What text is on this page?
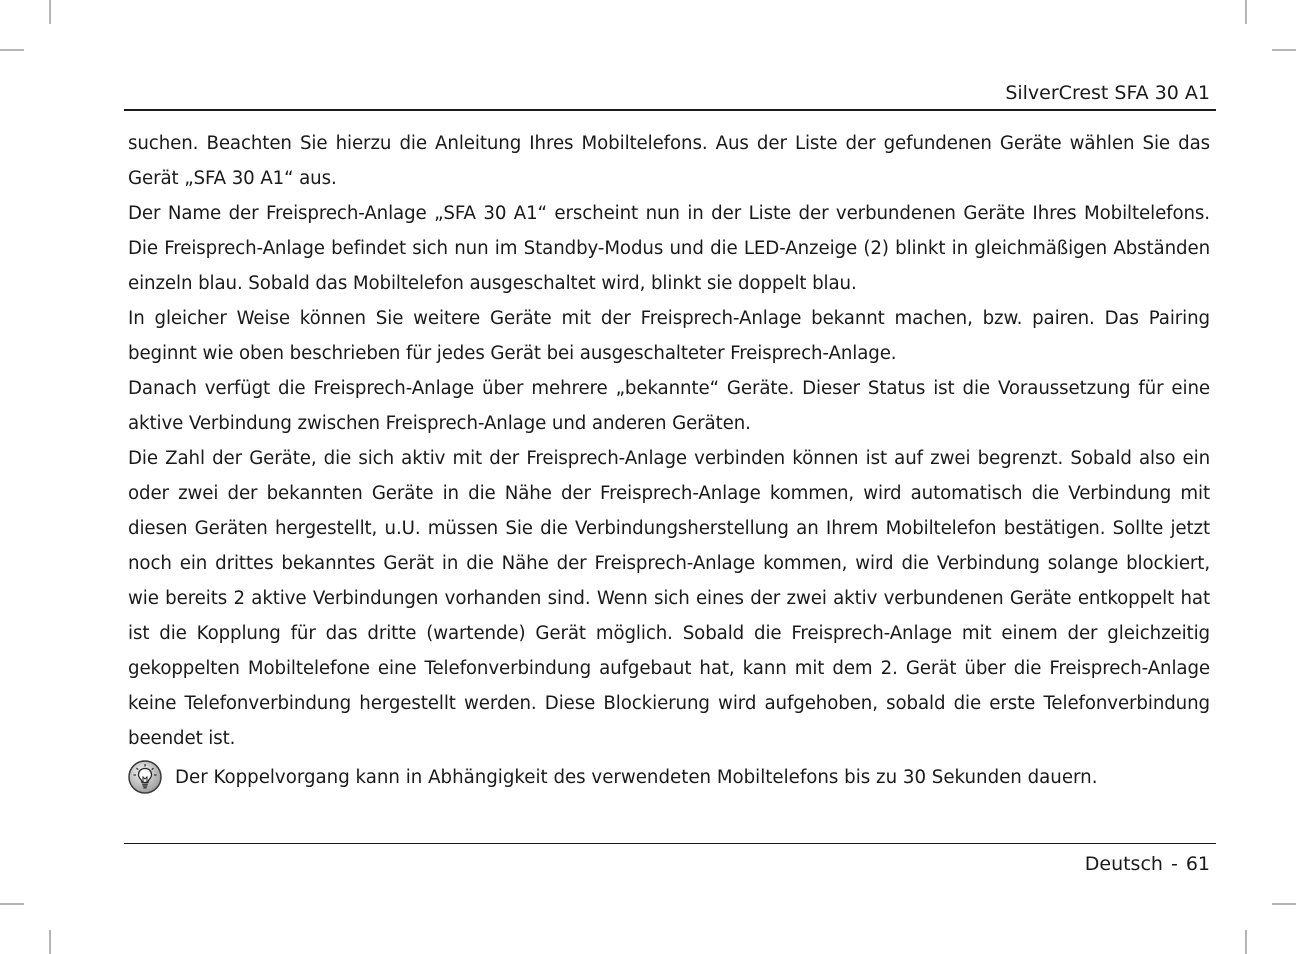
SilverCrest SFA 30 A1

suchen. Beachten Sie hierzu die Anleitung Ihres Mobiltelefons. Aus der Liste der gefundenen Geräte wählen Sie das Gerät „SFA 30 A1“ aus.

Der Name der Freisprech-Anlage „SFA 30 A1“ erscheint nun in der Liste der verbundenen Geräte Ihres Mobiltelefons. Die Freisprech-Anlage befindet sich nun im Standby-Modus und die LED-Anzeige (2) blinkt in gleichmäßigen Abständen einzeln blau. Sobald das Mobiltelefon ausgeschaltet wird, blinkt sie doppelt blau.

In gleicher Weise können Sie weitere Geräte mit der Freisprech-Anlage bekannt machen, bzw. pairen. Das Pairing beginnt wie oben beschrieben für jedes Gerät bei ausgeschalteter Freisprech-Anlage.

Danach verfügt die Freisprech-Anlage über mehrere „bekannte“ Geräte. Dieser Status ist die Voraussetzung für eine aktive Verbindung zwischen Freisprech-Anlage und anderen Geräten.

Die Zahl der Geräte, die sich aktiv mit der Freisprech-Anlage verbinden können ist auf zwei begrenzt. Sobald also ein oder zwei der bekannten Geräte in die Nähe der Freisprech-Anlage kommen, wird automatisch die Verbindung mit diesen Geräten hergestellt, u.U. müssen Sie die Verbindungsherstellung an Ihrem Mobiltelefon bestätigen. Sollte jetzt noch ein drittes bekanntes Gerät in die Nähe der Freisprech-Anlage kommen, wird die Verbindung solange blockiert, wie bereits 2 aktive Verbindungen vorhanden sind. Wenn sich eines der zwei aktiv verbundenen Geräte entkoppelt hat ist die Kopplung für das dritte (wartende) Gerät möglich. Sobald die Freisprech-Anlage mit einem der gleichzeitig gekoppelten Mobiltelefone eine Telefonverbindung aufgebaut hat, kann mit dem 2. Gerät über die Freisprech-Anlage keine Telefonverbindung hergestellt werden. Diese Blockierung wird aufgehoben, sobald die erste Telefonverbindung beendet ist.

Der Koppelvorgang kann in Abhängigkeit des verwendeten Mobiltelefons bis zu 30 Sekunden dauern.
Deutsch - 61
